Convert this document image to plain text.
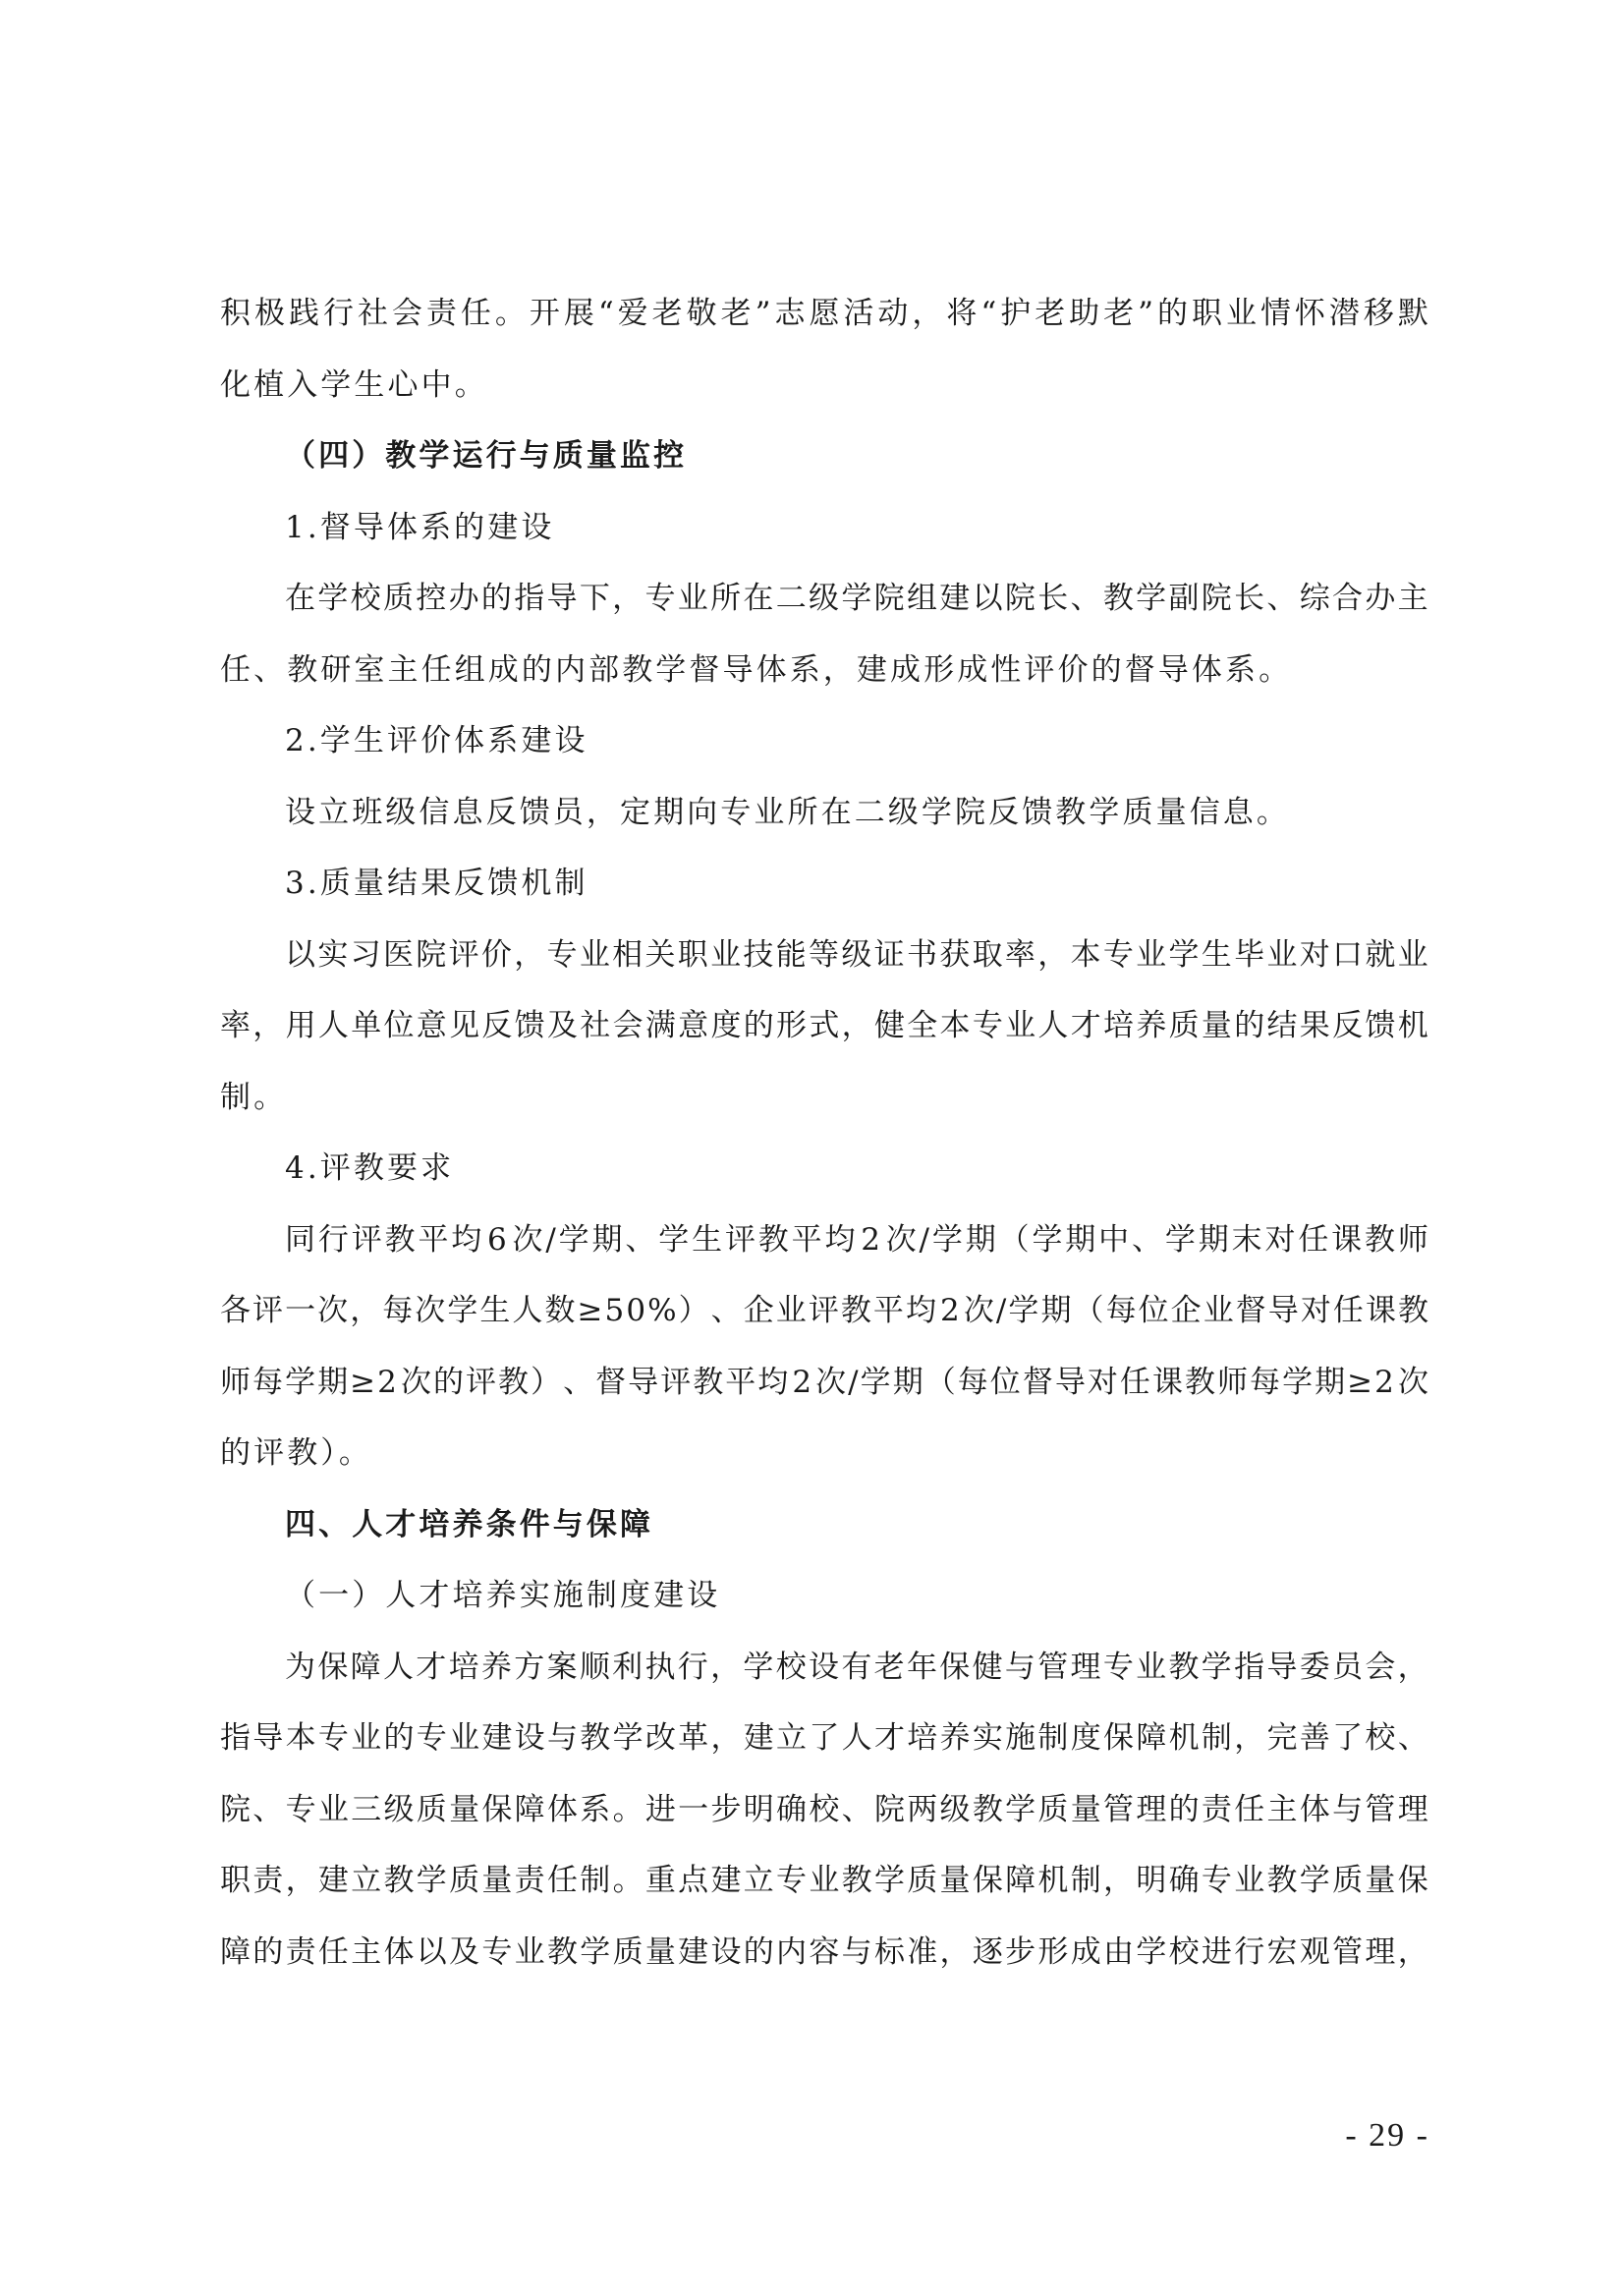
积 极 践 行 社 会 责 任 。 开 展 “ 爱 老 敬 老 ” 志 愿 活 动 ， 将 “ 护 老 助 老 ” 的 职 业 情 怀 潜 移 默
化植入学生心中。
（四）教学运行与质量监控
1.督导体系的建设
在 学 校 质 控 办 的 指 导 下 ， 专 业 所 在 二 级 学 院 组 建 以 院 长 、 教 学 副 院 长 、 综 合 办 主
任、教研室主任组成的内部教学督导体系，建成形成性评价的督导体系。
2.学生评价体系建设
设立班级信息反馈员，定期向专业所在二级学院反馈教学质量信息。
3.质量结果反馈机制
以 实 习 医 院 评 价 ， 专 业 相 关 职 业 技 能 等 级 证 书 获 取 率 ， 本 专 业 学 生 毕 业 对 口 就 业
率 ， 用 人 单 位 意 见 反 馈 及 社 会 满 意 度 的 形 式 ， 健 全 本 专 业 人 才 培 养 质 量 的 结 果 反 馈 机
制。
4.评教要求
同 行 评 教 平 均 6 次 / 学 期 、 学 生 评 教 平 均 2 次 / 学 期 （ 学 期 中 、 学 期 末 对 任 课 教 师
各 评 一 次 ， 每 次 学 生 人 数 ≥ 5 0 % ） 、 企 业 评 教 平 均 2 次 / 学 期 （ 每 位 企 业 督 导 对 任 课 教
师 每 学 期 ≥ 2 次 的 评 教 ） 、 督 导 评 教 平 均 2 次 / 学 期 （ 每 位 督 导 对 任 课 教 师 每 学 期 ≥ 2 次
的评教）。
四、人才培养条件与保障
（一）人才培养实施制度建设
为 保 障 人 才 培 养 方 案 顺 利 执 行 ， 学 校 设 有 老 年 保 健 与 管 理 专 业 教 学 指 导 委 员 会 ，
指 导 本 专 业 的 专 业 建 设 与 教 学 改 革 ， 建 立 了 人 才 培 养 实 施 制 度 保 障 机 制 ， 完 善 了 校 、
院 、 专 业 三 级 质 量 保 障 体 系 。 进 一 步 明 确 校 、 院 两 级 教 学 质 量 管 理 的 责 任 主 体 与 管 理
职 责 ， 建 立 教 学 质 量 责 任 制 。 重 点 建 立 专 业 教 学 质 量 保 障 机 制 ， 明 确 专 业 教 学 质 量 保
障 的 责 任 主 体 以 及 专 业 教 学 质 量 建 设 的 内 容 与 标 准 ， 逐 步 形 成 由 学 校 进 行 宏 观 管 理 ，
- 29 -
